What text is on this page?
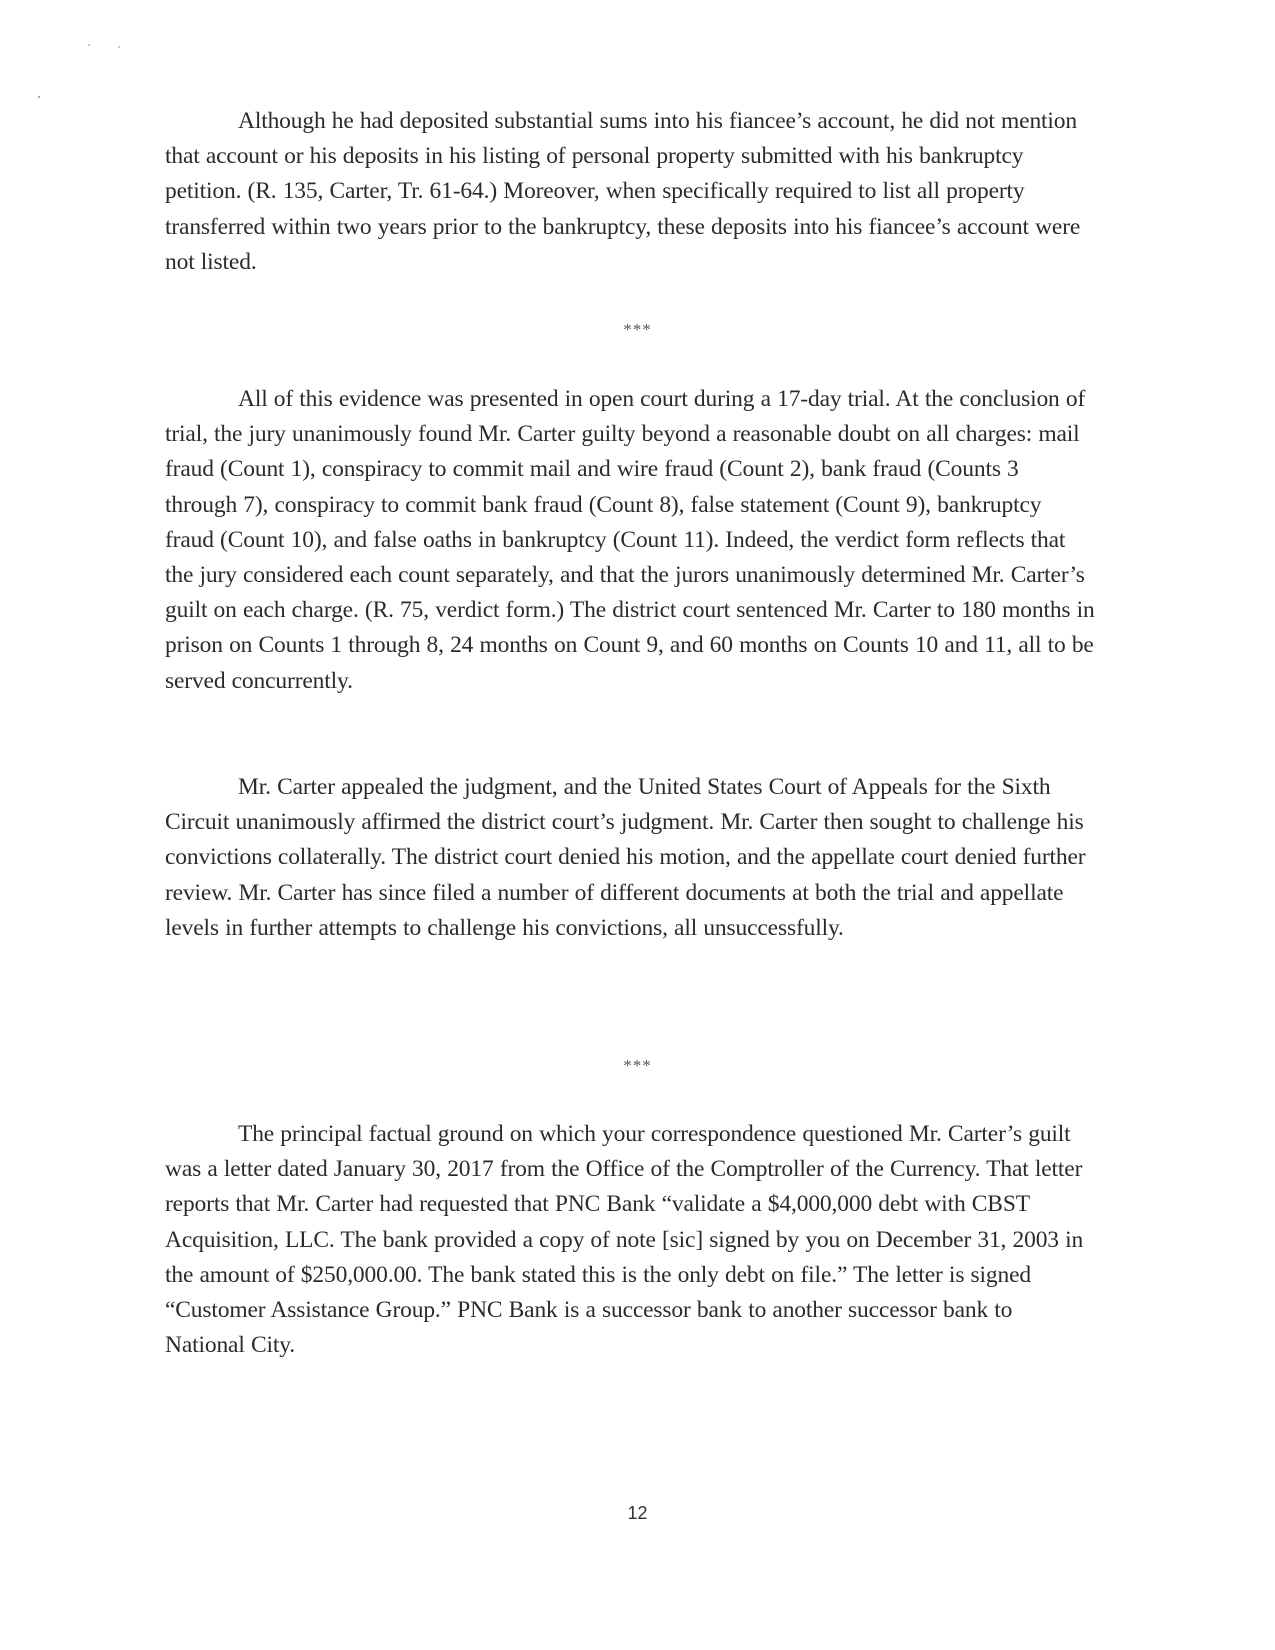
Although he had deposited substantial sums into his fiancee’s account, he did not mention that account or his deposits in his listing of personal property submitted with his bankruptcy petition. (R. 135, Carter, Tr. 61-64.) Moreover, when specifically required to list all property transferred within two years prior to the bankruptcy, these deposits into his fiancee’s account were not listed.

***

All of this evidence was presented in open court during a 17-day trial. At the conclusion of trial, the jury unanimously found Mr. Carter guilty beyond a reasonable doubt on all charges: mail fraud (Count 1), conspiracy to commit mail and wire fraud (Count 2), bank fraud (Counts 3 through 7), conspiracy to commit bank fraud (Count 8), false statement (Count 9), bankruptcy fraud (Count 10), and false oaths in bankruptcy (Count 11). Indeed, the verdict form reflects that the jury considered each count separately, and that the jurors unanimously determined Mr. Carter’s guilt on each charge. (R. 75, verdict form.) The district court sentenced Mr. Carter to 180 months in prison on Counts 1 through 8, 24 months on Count 9, and 60 months on Counts 10 and 11, all to be served concurrently.

Mr. Carter appealed the judgment, and the United States Court of Appeals for the Sixth Circuit unanimously affirmed the district court’s judgment. Mr. Carter then sought to challenge his convictions collaterally. The district court denied his motion, and the appellate court denied further review. Mr. Carter has since filed a number of different documents at both the trial and appellate levels in further attempts to challenge his convictions, all unsuccessfully.

***

The principal factual ground on which your correspondence questioned Mr. Carter’s guilt was a letter dated January 30, 2017 from the Office of the Comptroller of the Currency. That letter reports that Mr. Carter had requested that PNC Bank “validate a $4,000,000 debt with CBST Acquisition, LLC. The bank provided a copy of note [sic] signed by you on December 31, 2003 in the amount of $250,000.00. The bank stated this is the only debt on file.” The letter is signed “Customer Assistance Group.” PNC Bank is a successor bank to another successor bank to National City.

12
